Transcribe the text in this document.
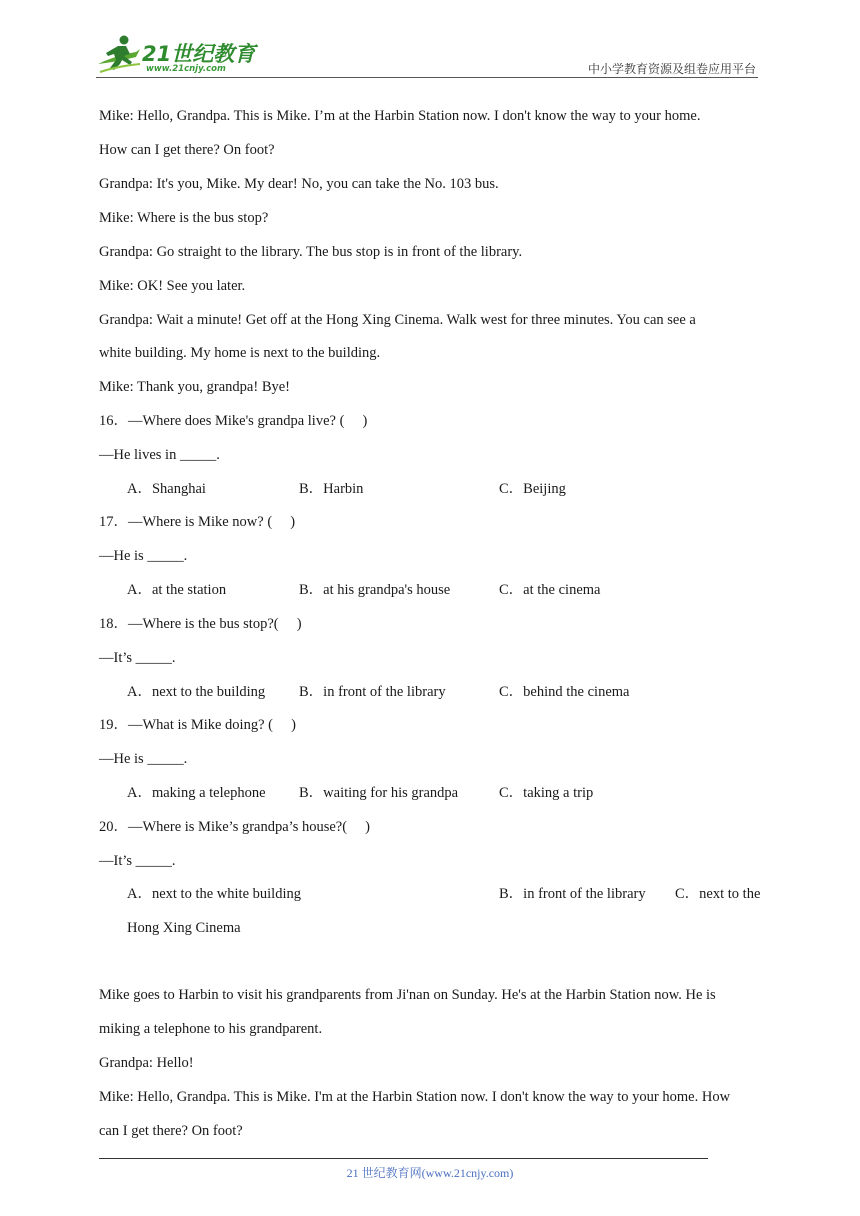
21世纪教育
www.21cnjy.com	中小学教育资源及组卷应用平台
Mike: Hello, Grandpa. This is Mike. I’m at the Harbin Station now. I don't know the way to your home.
How can I get there? On foot?
Grandpa: It's you, Mike. My dear! No, you can take the No. 103 bus.
Mike: Where is the bus stop?
Grandpa: Go straight to the library. The bus stop is in front of the library.
Mike: OK! See you later.
Grandpa: Wait a minute! Get off at the Hong Xing Cinema. Walk west for three minutes. You can see a
white building. My home is next to the building.
Mike: Thank you, grandpa! Bye!
16．—Where does Mike's grandpa live? (　 )
—He lives in _____.
A．Shanghai	B．Harbin	C．Beijing
17．—Where is Mike now? (　 )
—He is _____.
A．at the station	B．at his grandpa's house	C．at the cinema
18．—Where is the bus stop?(　 )
—It’s _____.
A．next to the building B．in front of the library	C．behind the cinema
19．—What is Mike doing? (　 )
—He is _____.
A．making a telephone B．waiting for his grandpa	C．taking a trip
20．—Where is Mike’s grandpa’s house?(　 )
—It’s _____.
A．next to the white building	B．in front of the library C．next to the
Hong Xing Cinema
Mike goes to Harbin to visit his grandparents from Ji'nan on Sunday. He's at the Harbin Station now. He is
miking a telephone to his grandparent.
Grandpa: Hello!
Mike: Hello, Grandpa. This is Mike. I'm at the Harbin Station now. I don't know the way to your home. How
can I get there? On foot?
21 世纪教育网(www.21cnjy.com)
